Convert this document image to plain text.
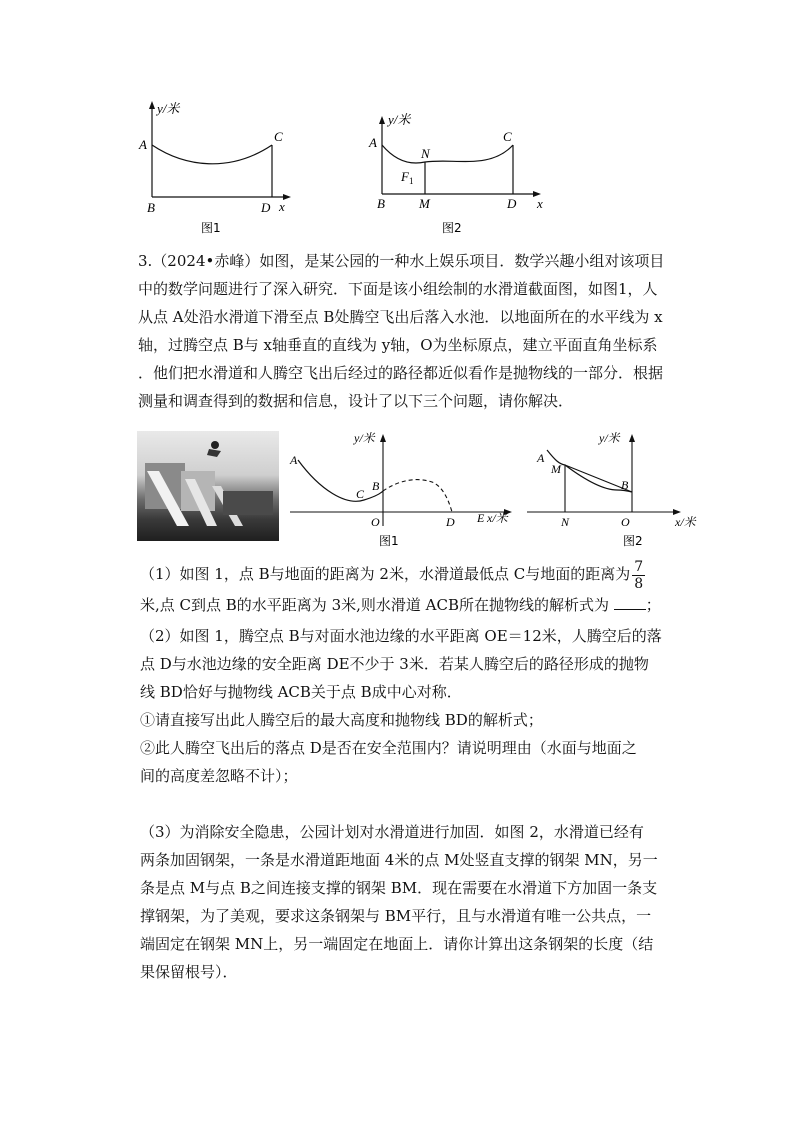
y/米
A
C
B	D x
图1
y/米
A
N
C
$F_1$
B	M	D x
图2
3.（2024•赤峰）如图，是某公园的一种水上娱乐项目．数学兴趣小组对该项目
中的数学问题进行了深入研究．下面是该小组绘制的水滑道截面图，如图1，人
从点 A处沿水滑道下滑至点 B处腾空飞出后落入水池．以地面所在的水平线为 x
轴，过腾空点 B与 x轴垂直的直线为 y轴，O为坐标原点，建立平面直角坐标系
．他们把水滑道和人腾空飞出后经过的路径都近似看作是抛物线的一部分．根据
测量和调查得到的数据和信息，设计了以下三个问题，请你解决．
y/米
A
C
B
O	D E x/米
图1
y/米
A
M
B
N	O	x/米
图2
（1）如图 1，点 B与地面的距离为 2米，水滑道最低点 C与地面的距离为 $\frac{7}{8}$
米,点 C到点 B的水平距离为 3米,则水滑道 ACB所在抛物线的解析式为 ；
（2）如图 1，腾空点 B与对面水池边缘的水平距离 OE＝12米，人腾空后的落
点 D与水池边缘的安全距离 DE不少于 3米．若某人腾空后的路径形成的抛物
线 BD恰好与抛物线 ACB关于点 B成中心对称．
①请直接写出此人腾空后的最大高度和抛物线 BD的解析式；
②此人腾空飞出后的落点 D是否在安全范围内？请说明理由（水面与地面之
间的高度差忽略不计）；
（3）为消除安全隐患，公园计划对水滑道进行加固．如图 2，水滑道已经有
两条加固钢架，一条是水滑道距地面 4米的点 M处竖直支撑的钢架 MN，另一
条是点 M与点 B之间连接支撑的钢架 BM．现在需要在水滑道下方加固一条支
撑钢架，为了美观，要求这条钢架与 BM平行，且与水滑道有唯一公共点，一
端固定在钢架 MN上，另一端固定在地面上．请你计算出这条钢架的长度（结
果保留根号）．
